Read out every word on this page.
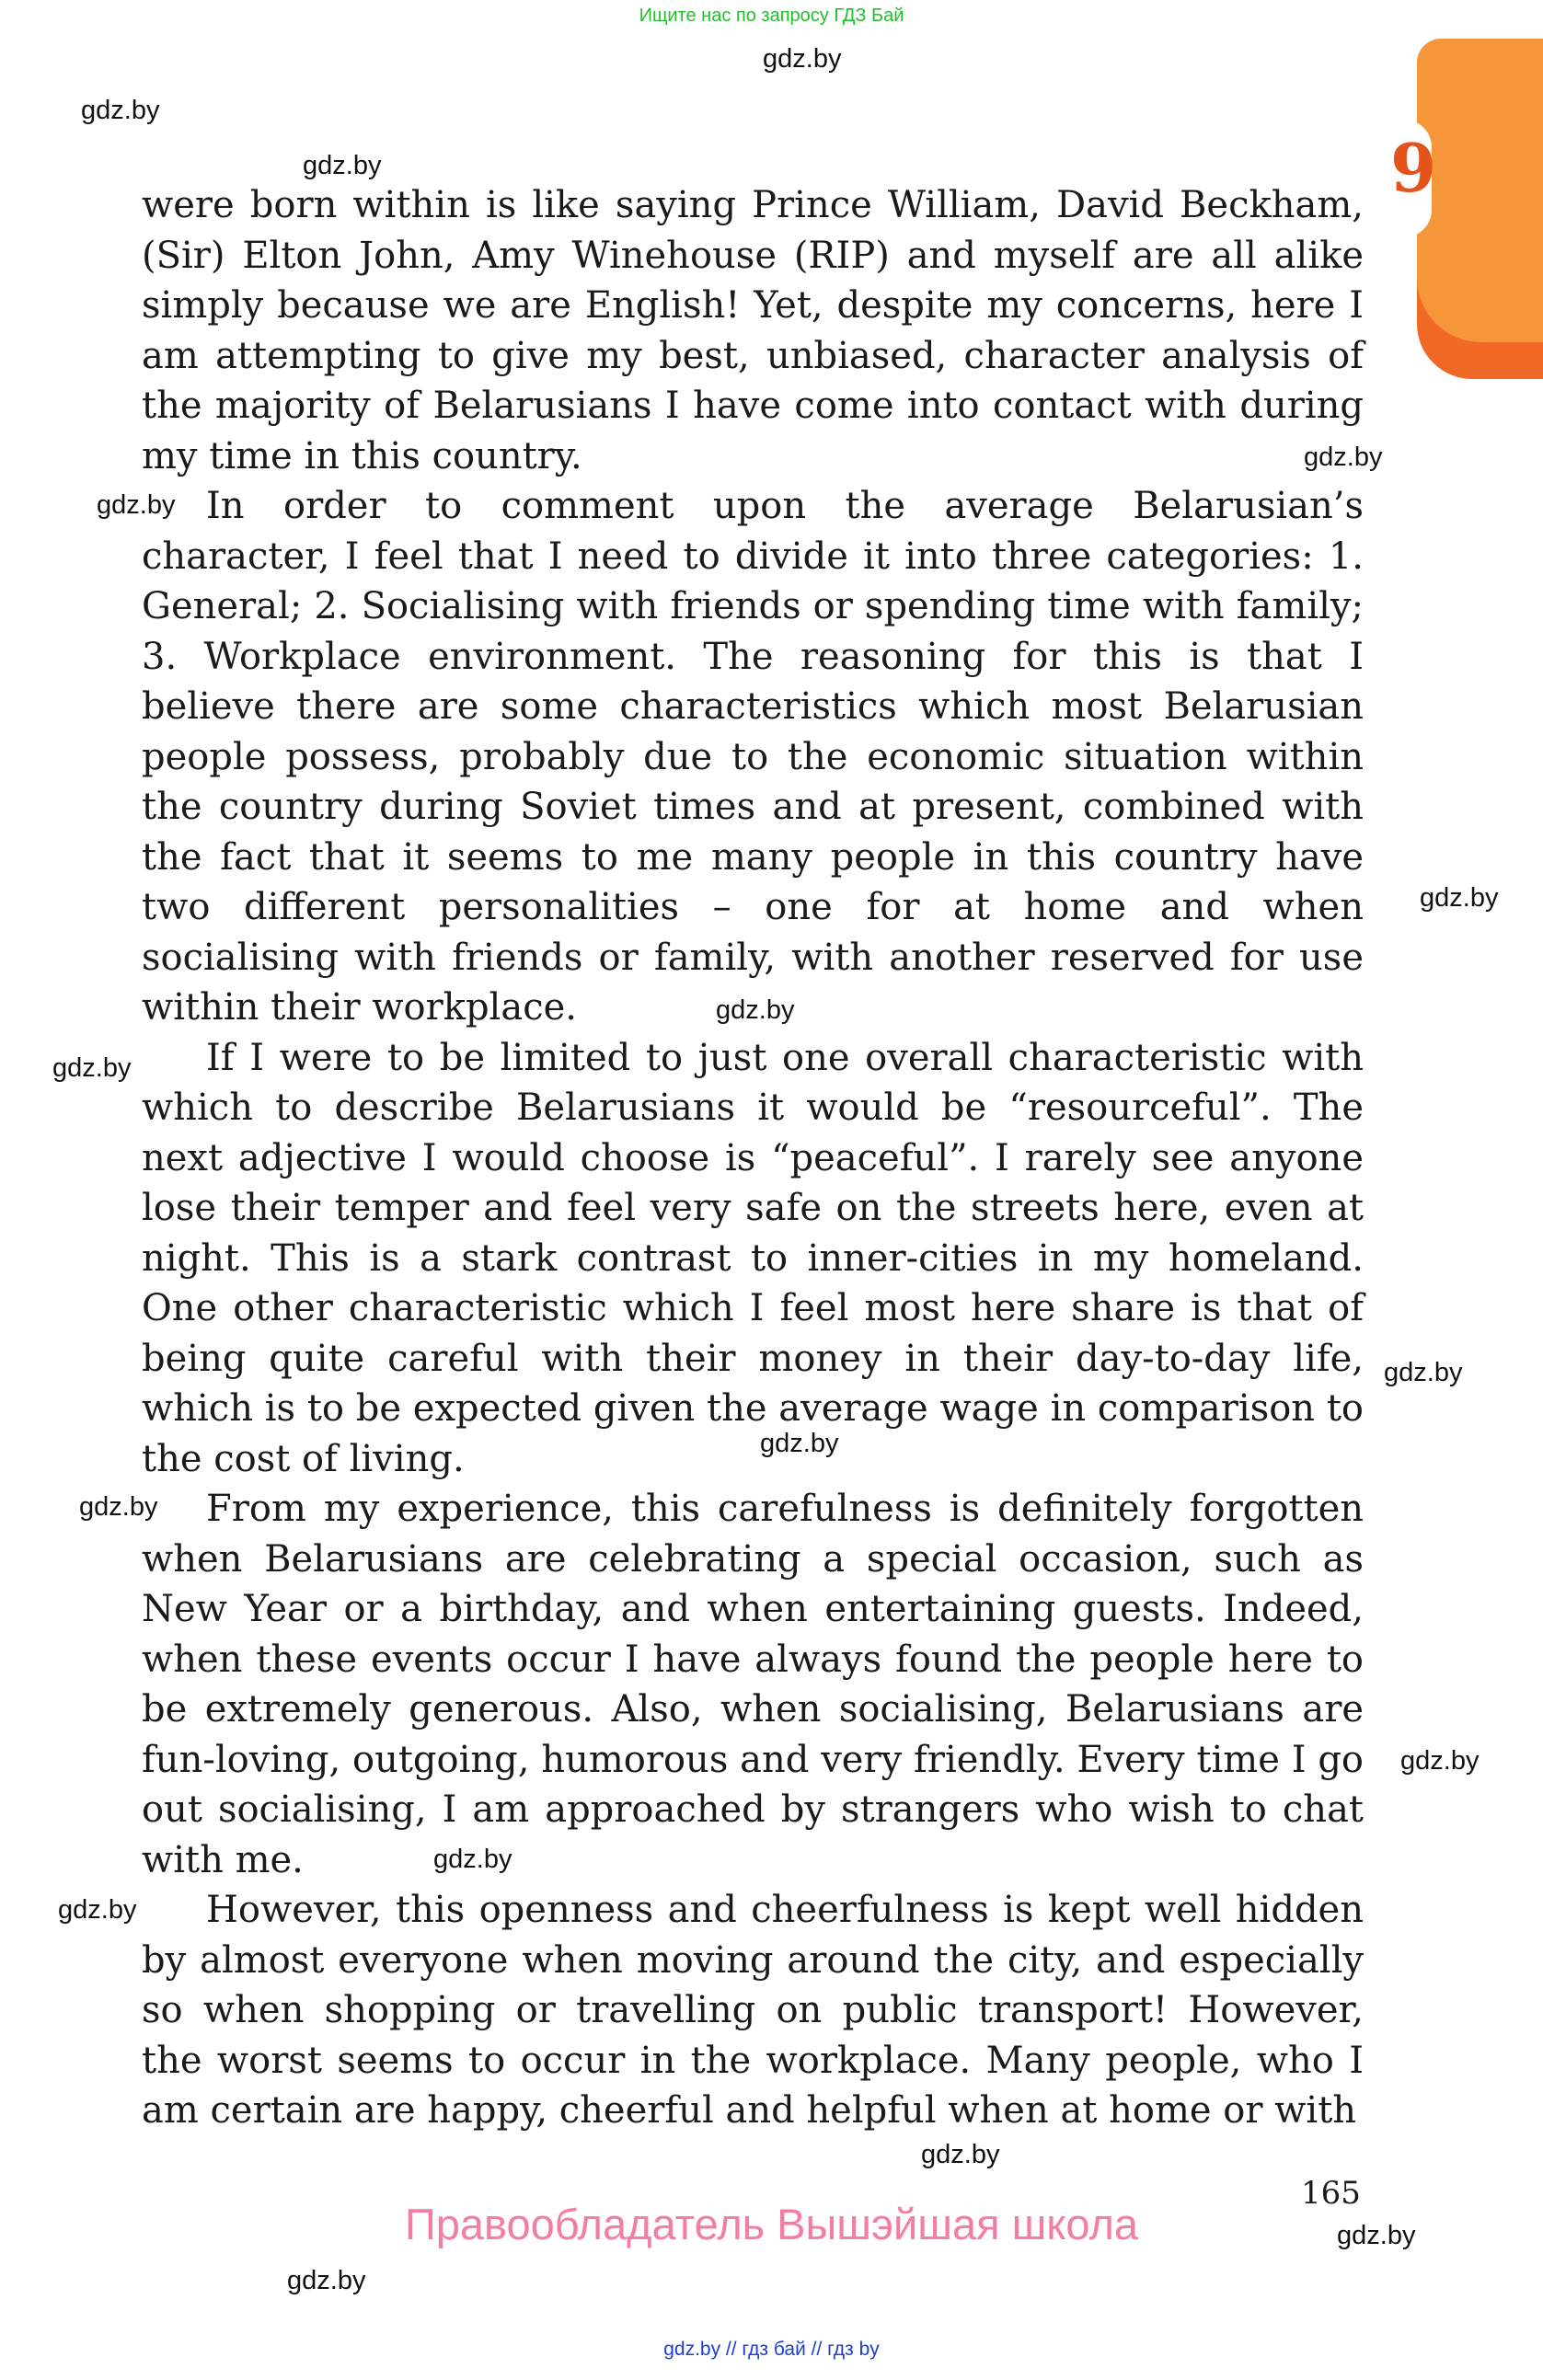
Ищите нас по запросу ГДЗ Бай
9
gdz.by
gdz.by
gdz.by
gdz.by
gdz.by
gdz.by
gdz.by
gdz.by
gdz.by
gdz.by
gdz.by
gdz.by
gdz.by
gdz.by
gdz.by
gdz.by
gdz.by

were born within is like saying Prince William, David Beckham, (Sir) Elton John, Amy Winehouse (RIP) and myself are all alike simply because we are English! Yet, despite my concerns, here I am attempting to give my best, unbiased, character analysis of the majority of Belarusians I have come into contact with during my time in this country.

In order to comment upon the average Belarusian’s character, I feel that I need to divide it into three categories: 1. General; 2. Socialising with friends or spending time with family; 3. Workplace environment. The reasoning for this is that I believe there are some characteristics which most Belarusian people possess, probably due to the economic situation within the country during Soviet times and at present, combined with the fact that it seems to me many people in this country have two different personalities – one for at home and when socialising with friends or family, with another reserved for use within their workplace.

If I were to be limited to just one overall characteristic with which to describe Belarusians it would be “resourceful”. The next adjective I would choose is “peaceful”. I rarely see anyone lose their temper and feel very safe on the streets here, even at night. This is a stark contrast to inner-cities in my homeland. One other characteristic which I feel most here share is that of being quite careful with their money in their day-to-day life, which is to be expected given the average wage in comparison to the cost of living.

From my experience, this carefulness is definitely forgotten when Belarusians are celebrating a special occasion, such as New Year or a birthday, and when entertaining guests. Indeed, when these events occur I have always found the people here to be extremely generous. Also, when socialising, Belarusians are fun-loving, outgoing, humorous and very friendly. Every time I go out socialising, I am approached by strangers who wish to chat with me.

However, this openness and cheerfulness is kept well hidden by almost everyone when moving around the city, and especially so when shopping or travelling on public transport! However, the worst seems to occur in the workplace. Many people, who I am certain are happy, cheerful and helpful when at home or with

165
Правообладатель Вышэйшая школа
gdz.by // гдз бай // гдз by
